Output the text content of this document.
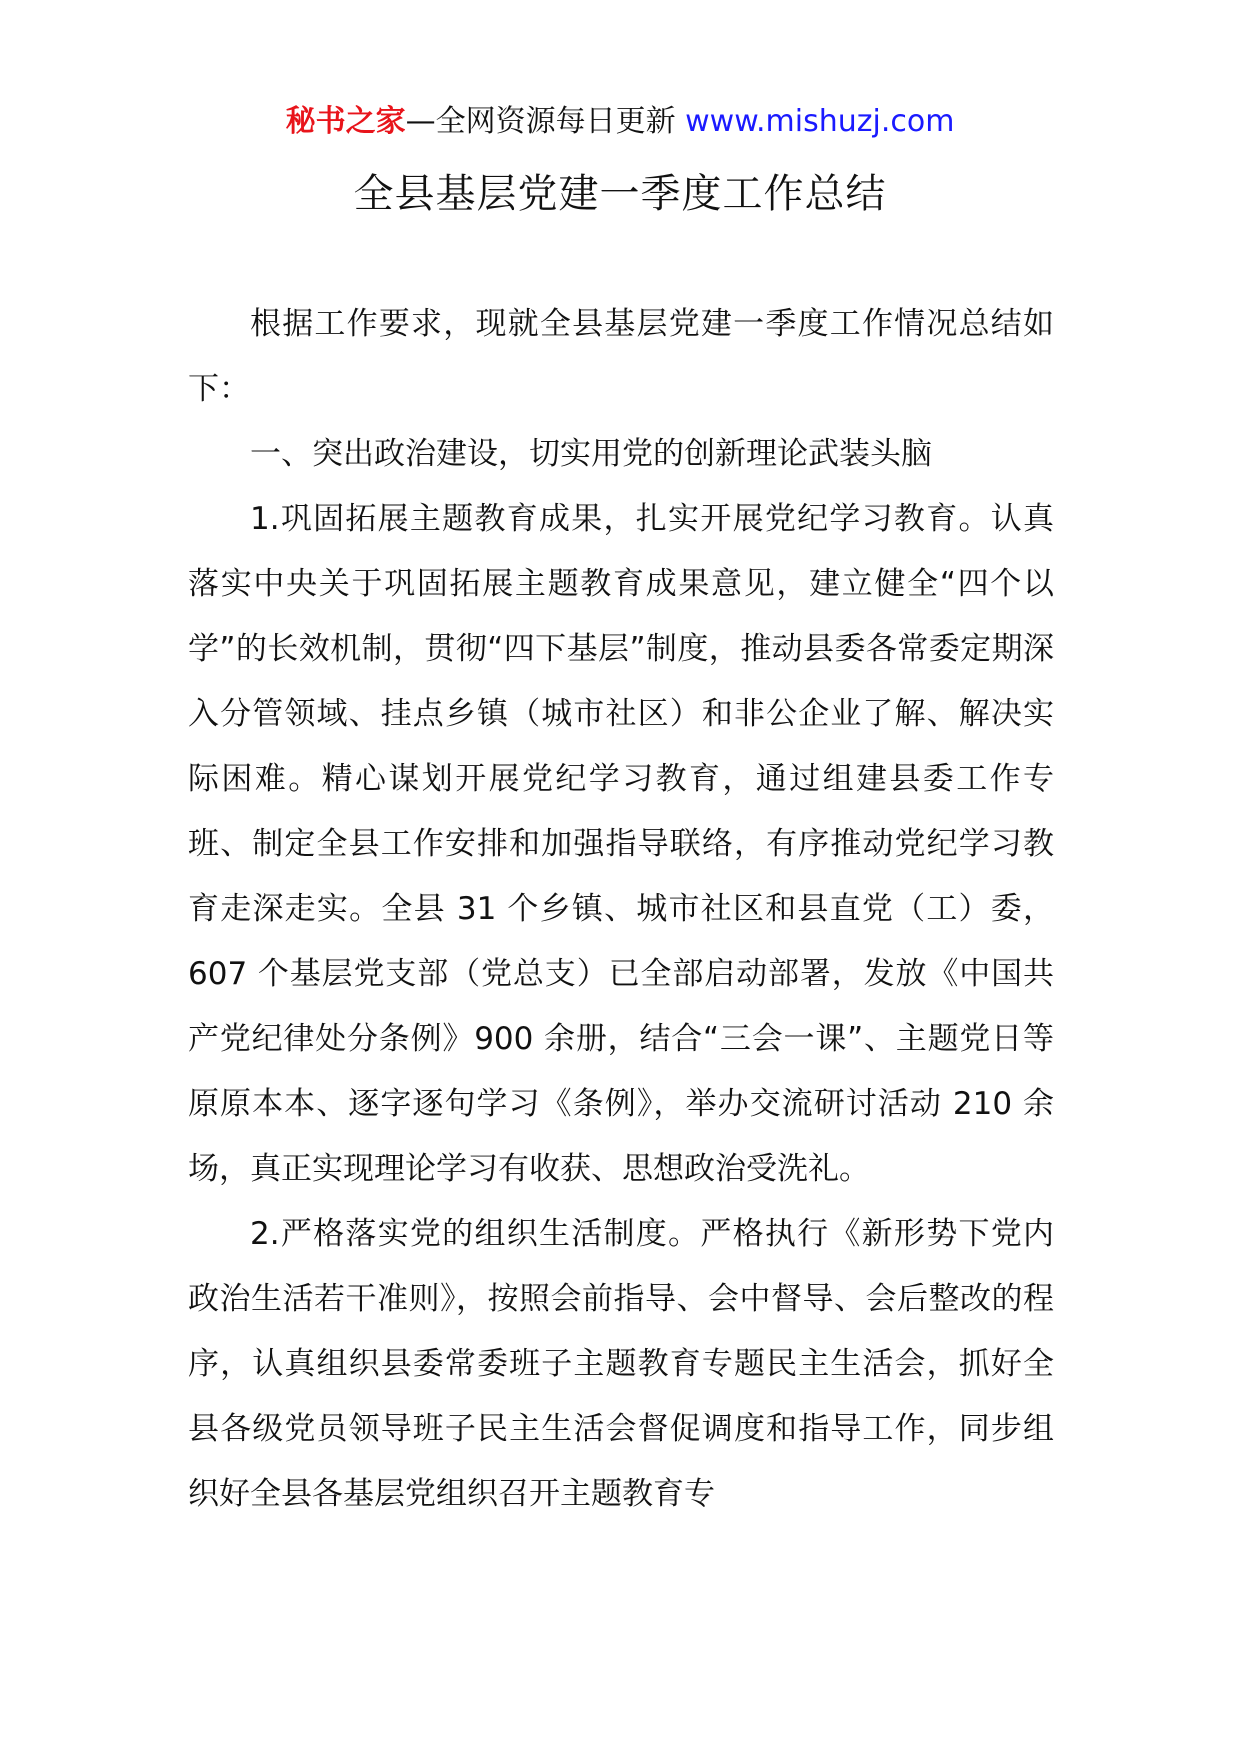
秘书之家—全网资源每日更新 www.mishuzj.com
全县基层党建一季度工作总结

根据工作要求，现就全县基层党建一季度工作情况总结如下：

一、突出政治建设，切实用党的创新理论武装头脑

1.巩固拓展主题教育成果，扎实开展党纪学习教育。认真落实中央关于巩固拓展主题教育成果意见，建立健全“四个以学”的长效机制，贯彻“四下基层”制度，推动县委各常委定期深入分管领域、挂点乡镇（城市社区）和非公企业了解、解决实际困难。精心谋划开展党纪学习教育，通过组建县委工作专班、制定全县工作安排和加强指导联络，有序推动党纪学习教育走深走实。全县 31 个乡镇、城市社区和县直党（工）委，607 个基层党支部（党总支）已全部启动部署，发放《中国共产党纪律处分条例》900 余册，结合“三会一课”、主题党日等原原本本、逐字逐句学习《条例》，举办交流研讨活动 210 余场，真正实现理论学习有收获、思想政治受洗礼。

2.严格落实党的组织生活制度。严格执行《新形势下党内政治生活若干准则》，按照会前指导、会中督导、会后整改的程序，认真组织县委常委班子主题教育专题民主生活会，抓好全县各级党员领导班子民主生活会督促调度和指导工作，同步组织好全县各基层党组织召开主题教育专
